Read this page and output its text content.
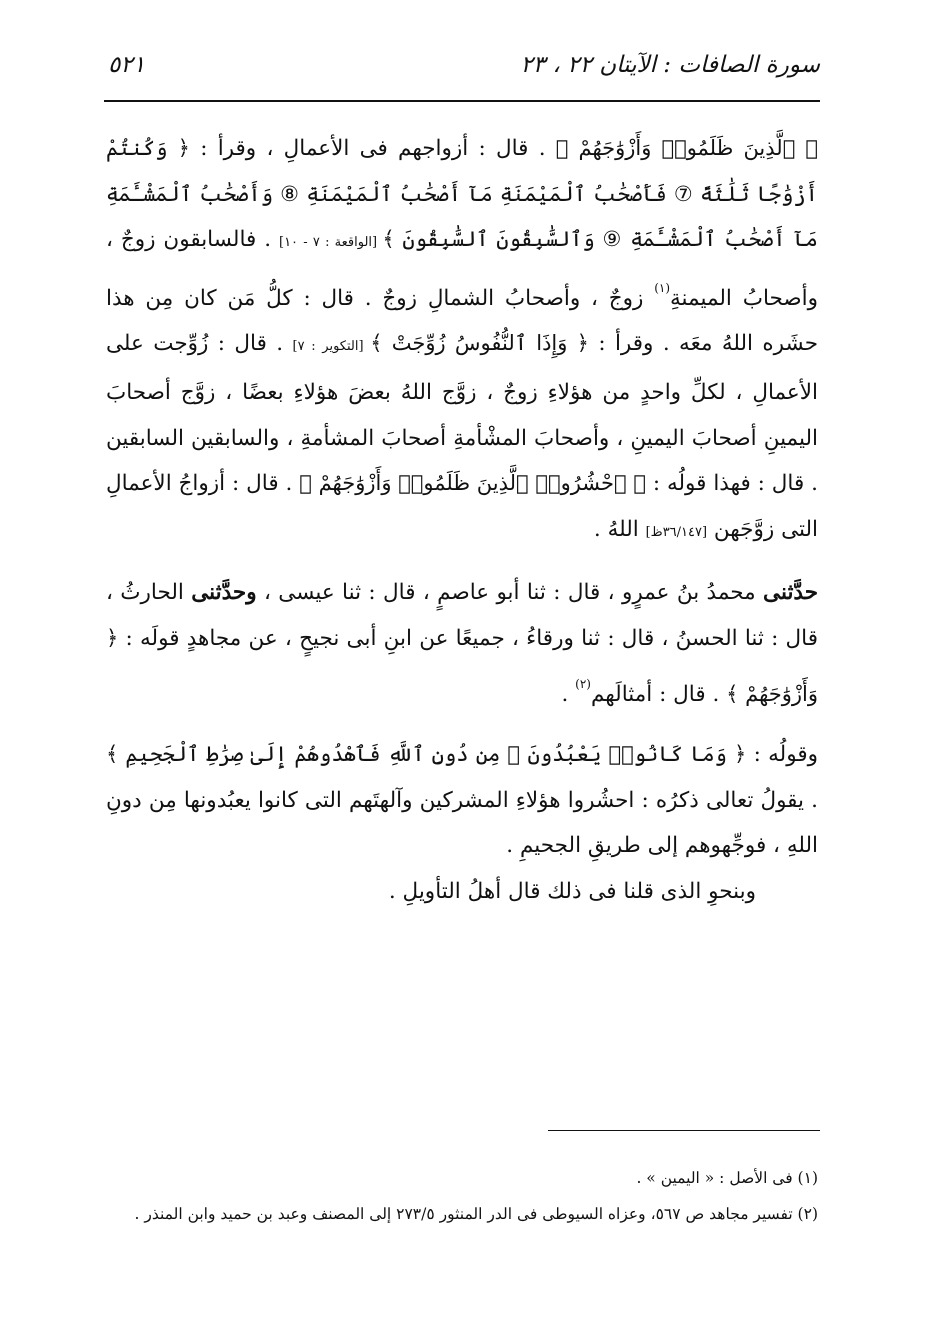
سورة الصافات : الآيتان ٢٢ ، ٢٣
٥٢١

﴿ ٱلَّذِينَ ظَلَمُوا۟ وَأَزْوَٰجَهُمْ ﴾ . قال : أزواجهم فى الأعمالِ ، وقرأ : ﴿ وَكُنتُمْ أَزْوَٰجًا ثَلَٰثَةً ⑦ فَأَصْحَٰبُ ٱلْمَيْمَنَةِ مَآ أَصْحَٰبُ ٱلْمَيْمَنَةِ ⑧ وَأَصْحَٰبُ ٱلْمَشْـَٔمَةِ مَآ أَصْحَٰبُ ٱلْمَشْـَٔمَةِ ⑨ وَٱلسَّٰبِقُونَ ٱلسَّٰبِقُونَ ﴾ [الواقعة : ٧ - ١٠] . فالسابقون زوجٌ ، وأصحابُ الميمنةِ$^{(١)}$ زوجٌ ، وأصحابُ الشمالِ زوجٌ . قال : كلُّ مَن كان مِن هذا حشَره اللهُ معَه . وقرأ : ﴿ وَإِذَا ٱلنُّفُوسُ زُوِّجَتْ ﴾ [التكوير : ٧] . قال : زُوِّجت على الأعمالِ ، لكلِّ واحدٍ من هؤلاءِ زوجٌ ، زوَّج اللهُ بعضَ هؤلاءِ بعضًا ، زوَّج أصحابَ اليمينِ أصحابَ اليمينِ ، وأصحابَ المشْأمةِ أصحابَ المشأمةِ ، والسابقين السابقين . قال : فهذا قولُه : ﴿ ٱحْشُرُوا۟ ٱلَّذِينَ ظَلَمُوا۟ وَأَزْوَٰجَهُمْ ﴾ . قال : أزواجُ الأعمالِ التى زوَّجَهن [٣٦/١٤٧ظ] اللهُ .

حدَّثنى محمدُ بنُ عمرٍو ، قال : ثنا أبو عاصمٍ ، قال : ثنا عيسى ، وحدَّثنى الحارثُ ، قال : ثنا الحسنُ ، قال : ثنا ورقاءُ ، جميعًا عن ابنِ أبى نجيحٍ ، عن مجاهدٍ قولَه : ﴿ وَأَزْوَٰجَهُمْ ﴾ . قال : أمثالَهم$^{(٢)}$ .

وقولُه : ﴿ وَمَا كَانُوا۟ يَعْبُدُونَ ㉒ مِن دُونِ ٱللَّهِ فَٱهْدُوهُمْ إِلَىٰ صِرَٰطِ ٱلْجَحِيمِ ﴾ . يقولُ تعالى ذكرُه : احشُروا هؤلاءِ المشركين وآلهتَهم التى كانوا يعبُدونها مِن دونِ اللهِ ، فوجِّهوهم إلى طريقِ الجحيمِ .

وبنحوِ الذى قلنا فى ذلك قال أهلُ التأويلِ .

(١) فى الأصل : « اليمين » .

(٢) تفسير مجاهد ص ٥٦٧، وعزاه السيوطى فى الدر المنثور ٢٧٣/٥ إلى المصنف وعبد بن حميد وابن المنذر .
